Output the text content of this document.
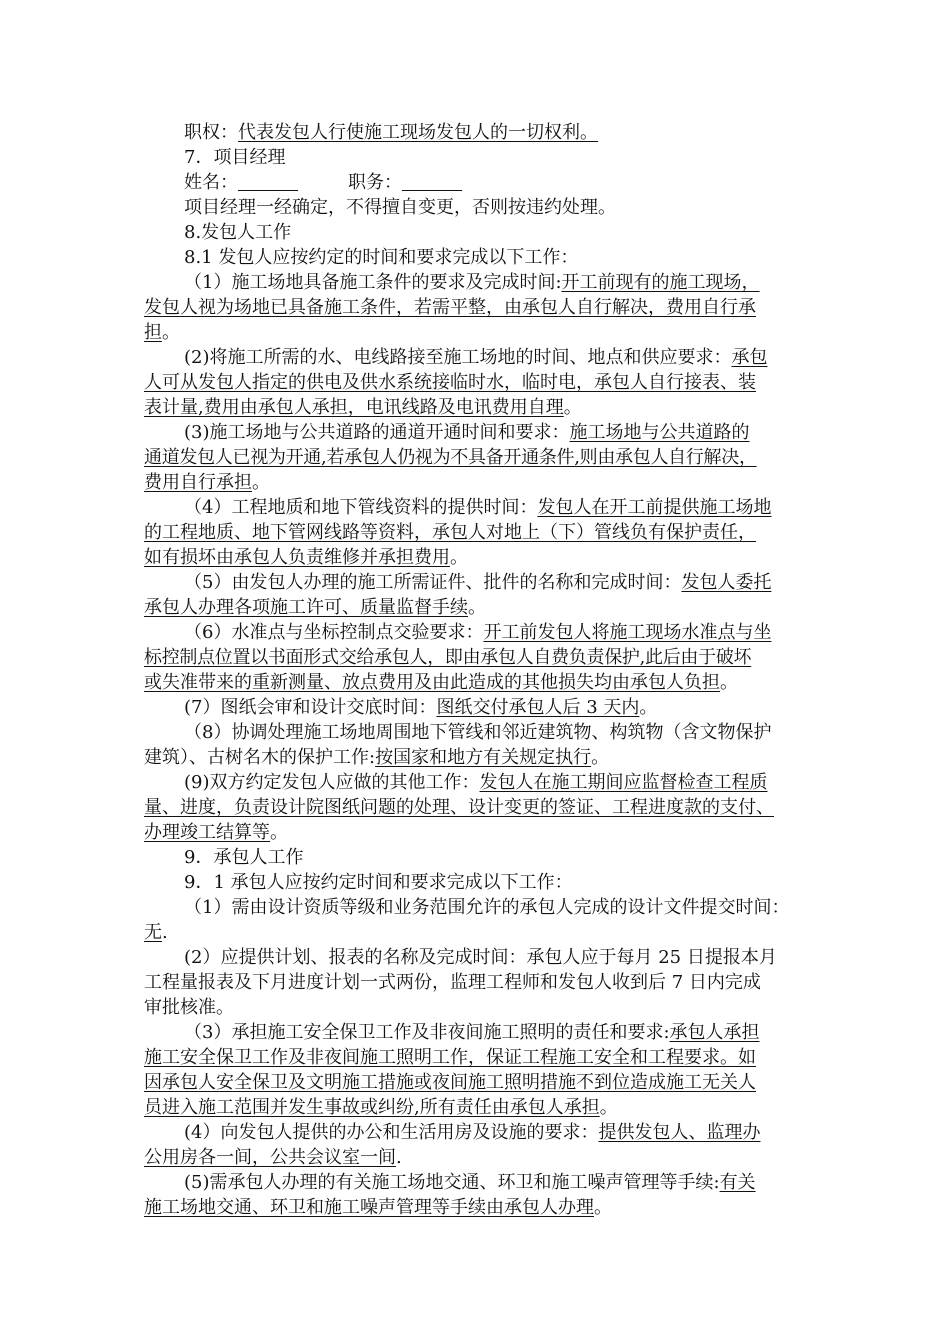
职权：代表发包人行使施工现场发包人的一切权利。
7．项目经理
姓名：	职务：
项目经理一经确定，不得擅自变更，否则按违约处理。
8.发包人工作
8.1 发包人应按约定的时间和要求完成以下工作：
（1）施工场地具备施工条件的要求及完成时间:开工前现有的施工现场，
发包人视为场地已具备施工条件，若需平整，由承包人自行解决，费用自行承
担。
(2)将施工所需的水、电线路接至施工场地的时间、地点和供应要求：承包
人可从发包人指定的供电及供水系统接临时水，临时电，承包人自行接表、装
表计量,费用由承包人承担，电讯线路及电讯费用自理。
(3)施工场地与公共道路的通道开通时间和要求：施工场地与公共道路的
通道发包人已视为开通,若承包人仍视为不具备开通条件,则由承包人自行解决，
费用自行承担。
（4）工程地质和地下管线资料的提供时间：发包人在开工前提供施工场地
的工程地质、地下管网线路等资料，承包人对地上（下）管线负有保护责任，
如有损坏由承包人负责维修并承担费用。
（5）由发包人办理的施工所需证件、批件的名称和完成时间：发包人委托
承包人办理各项施工许可、质量监督手续。
（6）水准点与坐标控制点交验要求：开工前发包人将施工现场水准点与坐
标控制点位置以书面形式交给承包人，即由承包人自费负责保护,此后由于破坏
或失准带来的重新测量、放点费用及由此造成的其他损失均由承包人负担。
(7）图纸会审和设计交底时间：图纸交付承包人后 3 天内。
（8）协调处理施工场地周围地下管线和邻近建筑物、构筑物（含文物保护
建筑）、古树名木的保护工作:按国家和地方有关规定执行。
(9)双方约定发包人应做的其他工作：发包人在施工期间应监督检查工程质
量、进度，负责设计院图纸问题的处理、设计变更的签证、工程进度款的支付、
办理竣工结算等。
9．承包人工作
9．1 承包人应按约定时间和要求完成以下工作：
（1）需由设计资质等级和业务范围允许的承包人完成的设计文件提交时间：
无.
(2）应提供计划、报表的名称及完成时间：承包人应于每月 25 日提报本月
工程量报表及下月进度计划一式两份，监理工程师和发包人收到后 7 日内完成
审批核准。
（3）承担施工安全保卫工作及非夜间施工照明的责任和要求:承包人承担
施工安全保卫工作及非夜间施工照明工作，保证工程施工安全和工程要求。如
因承包人安全保卫及文明施工措施或夜间施工照明措施不到位造成施工无关人
员进入施工范围并发生事故或纠纷,所有责任由承包人承担。
(4）向发包人提供的办公和生活用房及设施的要求：提供发包人、监理办
公用房各一间，公共会议室一间.
(5)需承包人办理的有关施工场地交通、环卫和施工噪声管理等手续:有关
施工场地交通、环卫和施工噪声管理等手续由承包人办理。
